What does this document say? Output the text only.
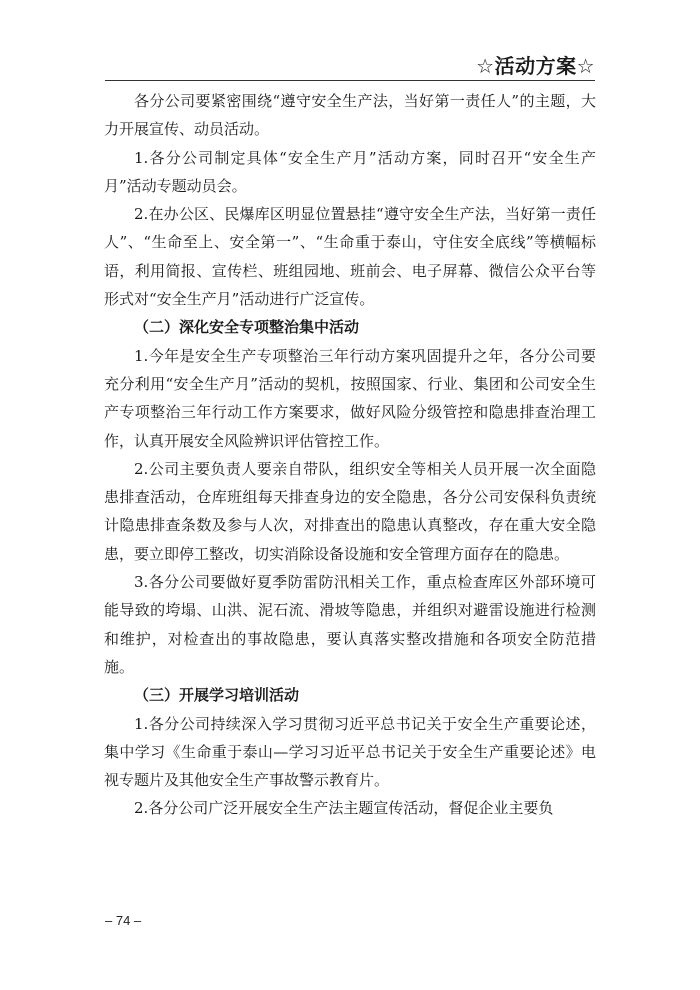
☆活动方案☆

各分公司要紧密围绕“遵守安全生产法，当好第一责任人”的主题，大力开展宣传、动员活动。

1.各分公司制定具体“安全生产月”活动方案，同时召开“安全生产月”活动专题动员会。

2.在办公区、民爆库区明显位置悬挂“遵守安全生产法，当好第一责任人”、“生命至上、安全第一”、“生命重于泰山，守住安全底线”等横幅标语，利用简报、宣传栏、班组园地、班前会、电子屏幕、微信公众平台等形式对“安全生产月”活动进行广泛宣传。

（二）深化安全专项整治集中活动

1.今年是安全生产专项整治三年行动方案巩固提升之年，各分公司要充分利用“安全生产月”活动的契机，按照国家、行业、集团和公司安全生产专项整治三年行动工作方案要求，做好风险分级管控和隐患排查治理工作，认真开展安全风险辨识评估管控工作。

2.公司主要负责人要亲自带队，组织安全等相关人员开展一次全面隐患排查活动，仓库班组每天排查身边的安全隐患，各分公司安保科负责统计隐患排查条数及参与人次，对排查出的隐患认真整改，存在重大安全隐患，要立即停工整改，切实消除设备设施和安全管理方面存在的隐患。

3.各分公司要做好夏季防雷防汛相关工作，重点检查库区外部环境可能导致的垮塌、山洪、泥石流、滑坡等隐患，并组织对避雷设施进行检测和维护，对检查出的事故隐患，要认真落实整改措施和各项安全防范措施。

（三）开展学习培训活动

1.各分公司持续深入学习贯彻习近平总书记关于安全生产重要论述，集中学习《生命重于泰山—学习习近平总书记关于安全生产重要论述》电视专题片及其他安全生产事故警示教育片。

2.各分公司广泛开展安全生产法主题宣传活动，督促企业主要负

– 74 –
